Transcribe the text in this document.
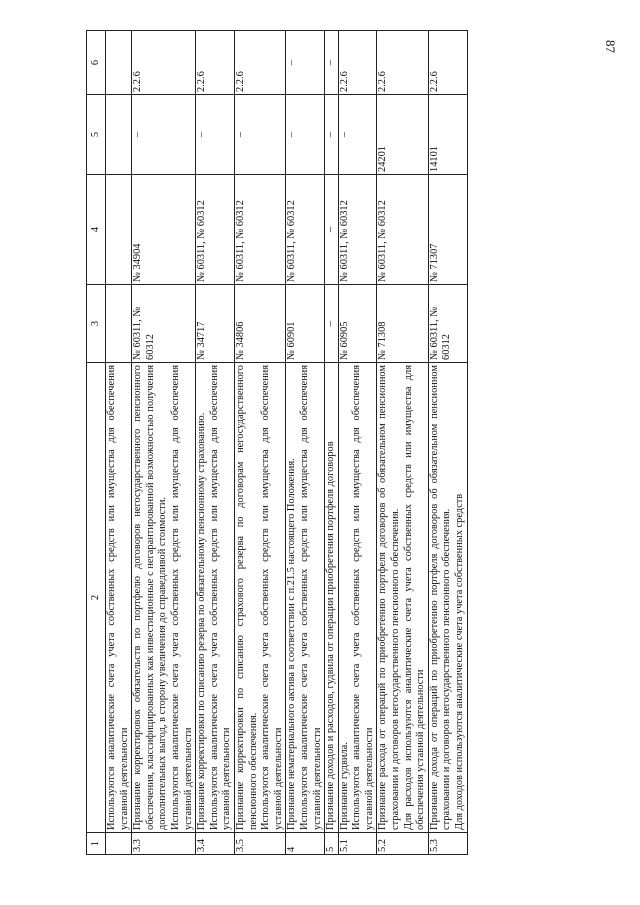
87
1	2	3	4	5	6

	Используются аналитические счета учета собственных средств или имущества для обеспечения уставной деятельности				

3.3	Признание корректировок обязательств по портфелю договоров негосударственного пенсионного обеспечения, классифицированных как инвестиционные с негарантированной возможностью получения дополнительных выгод, в сторону увеличения до справедливой стоимости. Используются аналитические счета учета собственных средств или имущества для обеспечения уставной деятельности	№ 60311, № 60312	№ 34904	–	2.2.6
3.4	Признание корректировки по списанию резерва по обязательному пенсионному страхованию. Используются аналитические счета учета собственных средств или имущества для обеспечения уставной деятельности	№ 34717	№ 60311, № 60312	–	2.2.6
3.5	Признание корректировки по списанию страхового резерва по договорам негосударственного пенсионного обеспечения. Используются аналитические счета учета собственных средств или имущества для обеспечения уставной деятельности	№ 34806	№ 60311, № 60312	–	2.2.6
4	Признание нематериального актива в соответствии с п.21.5 настоящего Положения. Используются аналитические счета учета собственных средств или имущества для обеспечения уставной деятельности	№ 60901	№ 60311, № 60312	–	–
5	Признание доходов и расходов, гудвила от операции приобретения портфеля договоров	–	–	–	–
5.1	Признание гудвила. Используются аналитические счета учета собственных средств или имущества для обеспечения уставной деятельности	№ 60905	№ 60311, № 60312	–	2.2.6
5.2	Признание расхода от операций по приобретению портфеля договоров об обязательном пенсионном страховании и договоров негосударственного пенсионного обеспечения. Для расходов используются аналитические счета учета собственных средств или имущества для обеспечения уставной деятельности	№ 71308	№ 60311, № 60312	24201	2.2.6
5.3	Признание дохода от операций по приобретению портфеля договоров об обязательном пенсионном страховании и договоров негосударственного пенсионного обеспечения. Для доходов используются аналитические счета учета собственных средств	№ 60311, № 60312	№ 71307	14101	2.2.6
